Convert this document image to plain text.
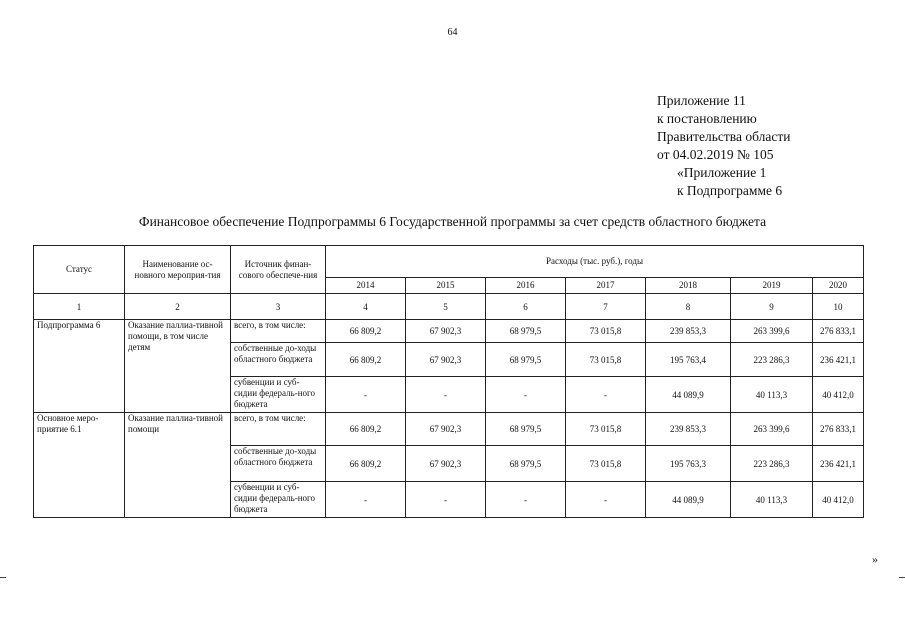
64
Приложение 11
к постановлению
Правительства области
от 04.02.2019 № 105
«Приложение 1
к Подпрограмме 6
Финансовое обеспечение Подпрограммы 6 Государственной программы за счет средств областного бюджета
Статус	Наименование ос-новного мероприя-тия	Источник финан-сового обеспече-ния	Расходы (тыс. руб.), годы						
			2014	2015	2016	2017	2018	2019	2020
1	2	3	4	5	6	7	8	9	10
Подпрограмма 6	Оказание паллиа-тивной помощи, в том числе детям	всего, в том числе:	66 809,2	67 902,3	68 979,5	73 015,8	239 853,3	263 399,6	276 833,1
		собственные до-ходы областного бюджета	66 809,2	67 902,3	68 979,5	73 015,8	195 763,4	223 286,3	236 421,1
		субвенции и суб-сидии федераль-ного бюджета	-	-	-	-	44 089,9	40 113,3	40 412,0
Основное меро-приятие 6.1	Оказание паллиа-тивной помощи	всего, в том числе:	66 809,2	67 902,3	68 979,5	73 015,8	239 853,3	263 399,6	276 833,1
		собственные до-ходы областного бюджета	66 809,2	67 902,3	68 979,5	73 015,8	195 763,3	223 286,3	236 421,1
		субвенции и суб-сидии федераль-ного бюджета	-	-	-	-	44 089,9	40 113,3	40 412,0
»
